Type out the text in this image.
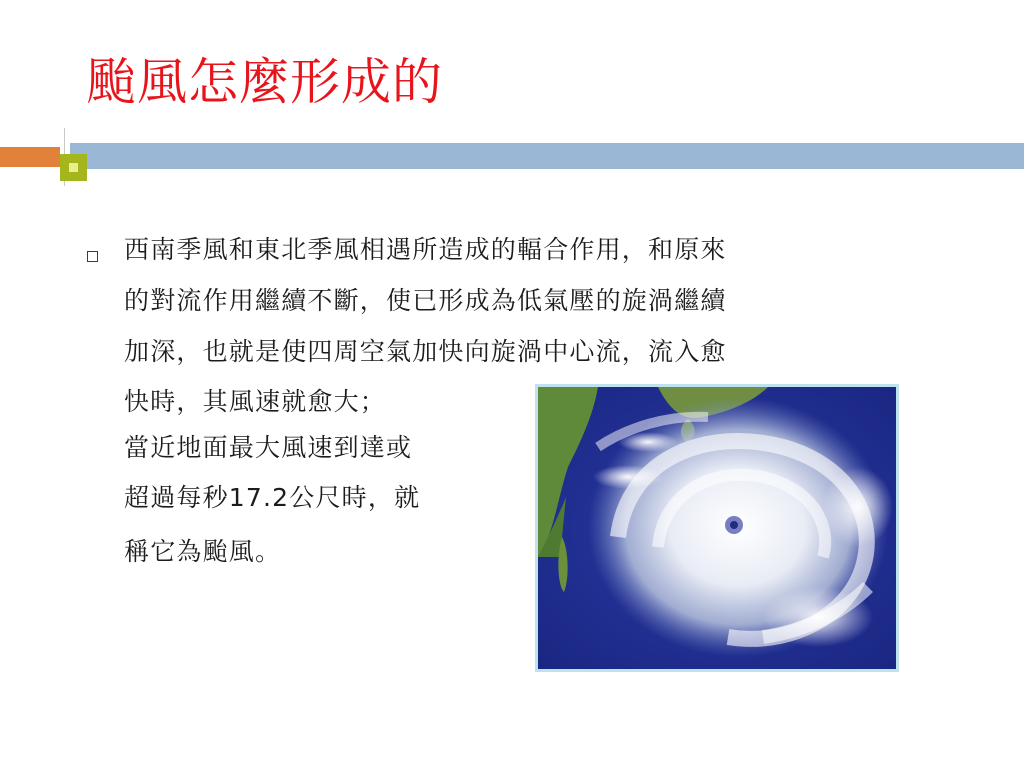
颱風怎麼形成的
西南季風和東北季風相遇所造成的輻合作用，和原來
的對流作用繼續不斷，使已形成為低氣壓的旋渦繼續
加深，也就是使四周空氣加快向旋渦中心流，流入愈
快時，其風速就愈大；
當近地面最大風速到達或
超過每秒17.2公尺時，就
稱它為颱風。
